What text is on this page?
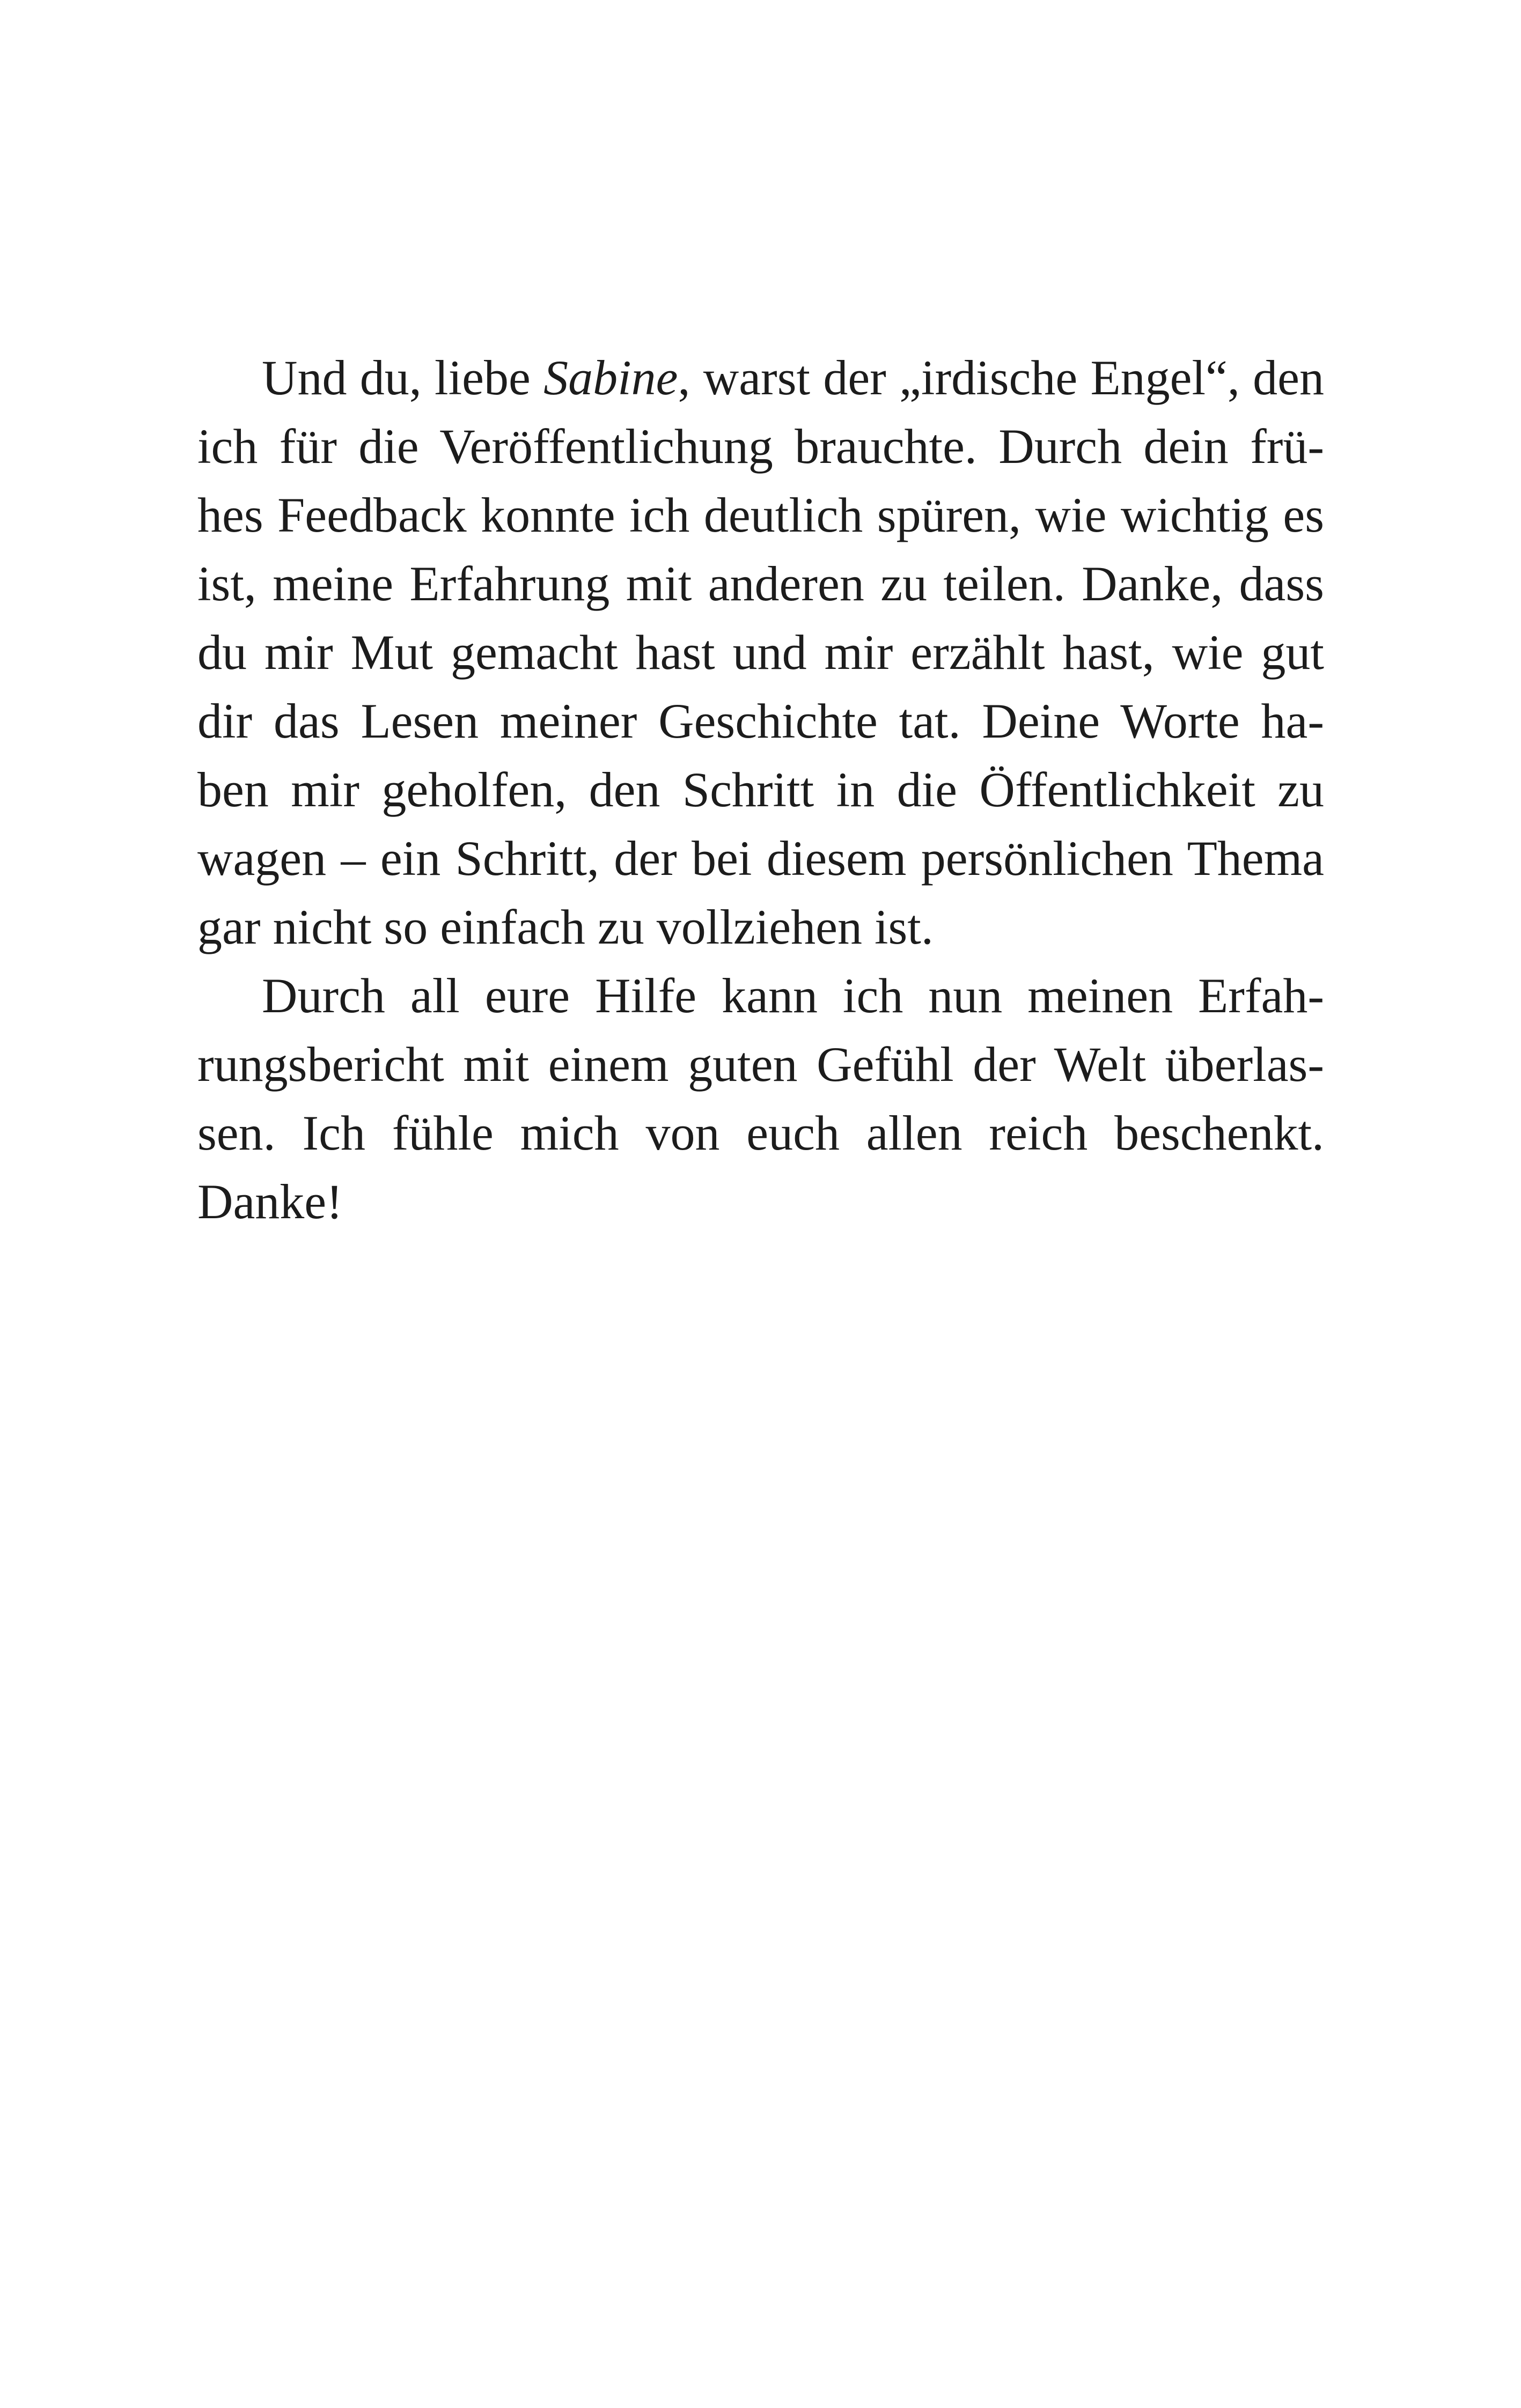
Und du, liebe Sabine, warst der „irdische Engel“, den
ich für die Veröffentlichung brauchte. Durch dein frü-
hes Feedback konnte ich deutlich spüren, wie wichtig es
ist, meine Erfahrung mit anderen zu teilen. Danke, dass
du mir Mut gemacht hast und mir erzählt hast, wie gut
dir das Lesen meiner Geschichte tat. Deine Worte ha-
ben mir geholfen, den Schritt in die Öffentlichkeit zu
wagen – ein Schritt, der bei diesem persönlichen Thema
gar nicht so einfach zu vollziehen ist.
Durch all eure Hilfe kann ich nun meinen Erfah-
rungsbericht mit einem guten Gefühl der Welt überlas-
sen. Ich fühle mich von euch allen reich beschenkt.
Danke!
